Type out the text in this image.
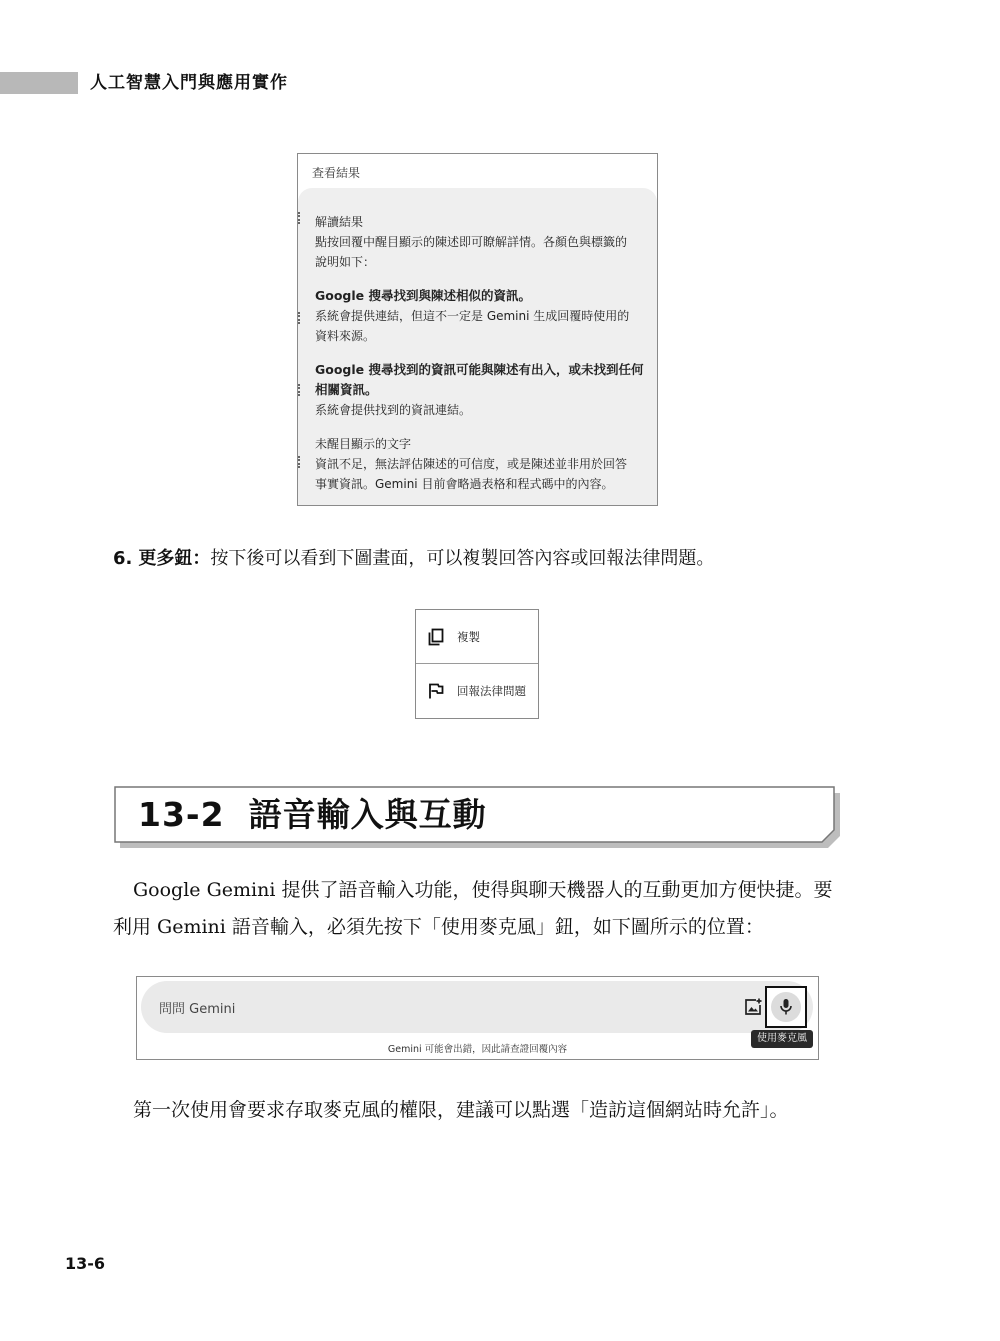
人工智慧入門與應用實作
查看結果

解讀結果

點按回覆中醒目顯示的陳述即可瞭解詳情。各顏色與標籤的
說明如下：

Google 搜尋找到與陳述相似的資訊。

系統會提供連結，但這不一定是 Gemini 生成回覆時使用的
資料來源。

Google 搜尋找到的資訊可能與陳述有出入，或未找到任何
相關資訊。

系統會提供找到的資訊連結。

未醒目顯示的文字

資訊不足，無法評估陳述的可信度，或是陳述並非用於回答
事實資訊。Gemini 目前會略過表格和程式碼中的內容。

6. 更多鈕：按下後可以看到下圖畫面，可以複製回答內容或回報法律問題。
複製
回報法律問題
13-2 語音輸入與互動

Google Gemini 提供了語音輸入功能，使得與聊天機器人的互動更加方便快捷。要利用 Gemini 語音輸入，必須先按下「使用麥克風」鈕，如下圖所示的位置：

問問 Gemini
使用麥克風
Gemini 可能會出錯，因此請查證回覆內容

第一次使用會要求存取麥克風的權限，建議可以點選「造訪這個網站時允許」。

13-6
